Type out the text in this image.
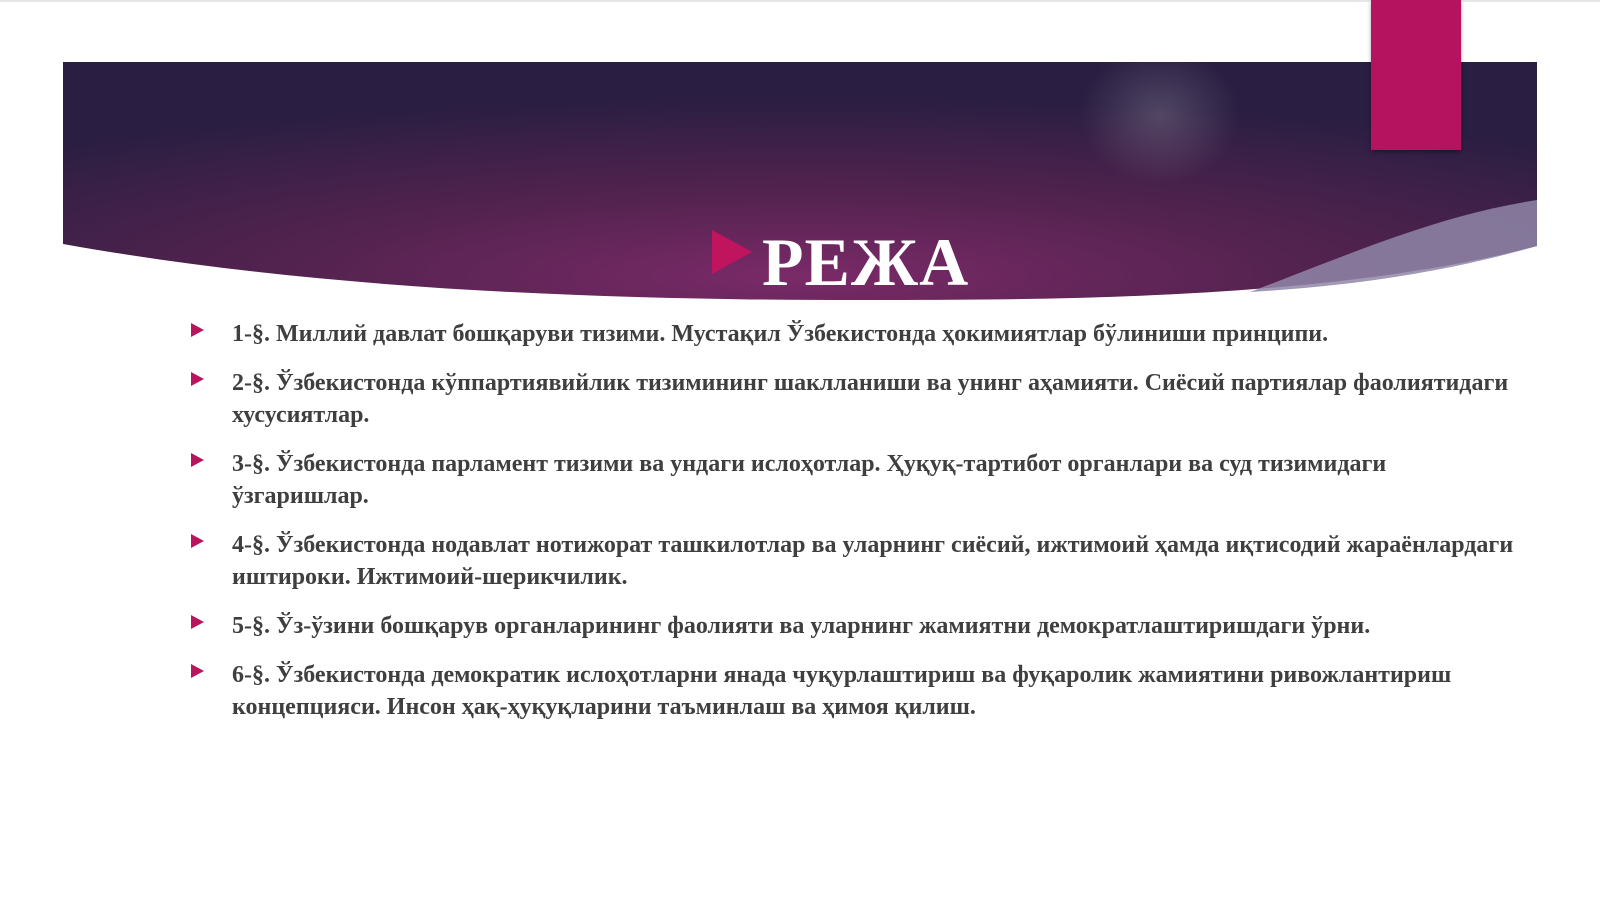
РЕЖА
1-§. Миллий давлат бошқаруви тизими. Мустақил Ўзбекистонда ҳокимиятлар бўлиниши принципи.
2-§. Ўзбекистонда кўппартиявийлик тизимининг шаклланиши ва унинг аҳамияти. Сиёсий партиялар фаолиятидаги хусусиятлар.
3-§. Ўзбекистонда парламент тизими ва ундаги ислоҳотлар. Ҳуқуқ-тартибот органлари ва суд тизимидаги ўзгаришлар.
4-§. Ўзбекистонда нодавлат нотижорат ташкилотлар ва уларнинг сиёсий, ижтимоий ҳамда иқтисодий жараёнлардаги иштироки. Ижтимоий-шерикчилик.
5-§. Ўз-ўзини бошқарув органларининг фаолияти ва уларнинг жамиятни демократлаштиришдаги ўрни.
6-§. Ўзбекистонда демократик ислоҳотларни янада чуқурлаштириш ва фуқаролик жамиятини ривожлантириш концепцияси. Инсон ҳақ-ҳуқуқларини таъминлаш ва ҳимоя қилиш.
